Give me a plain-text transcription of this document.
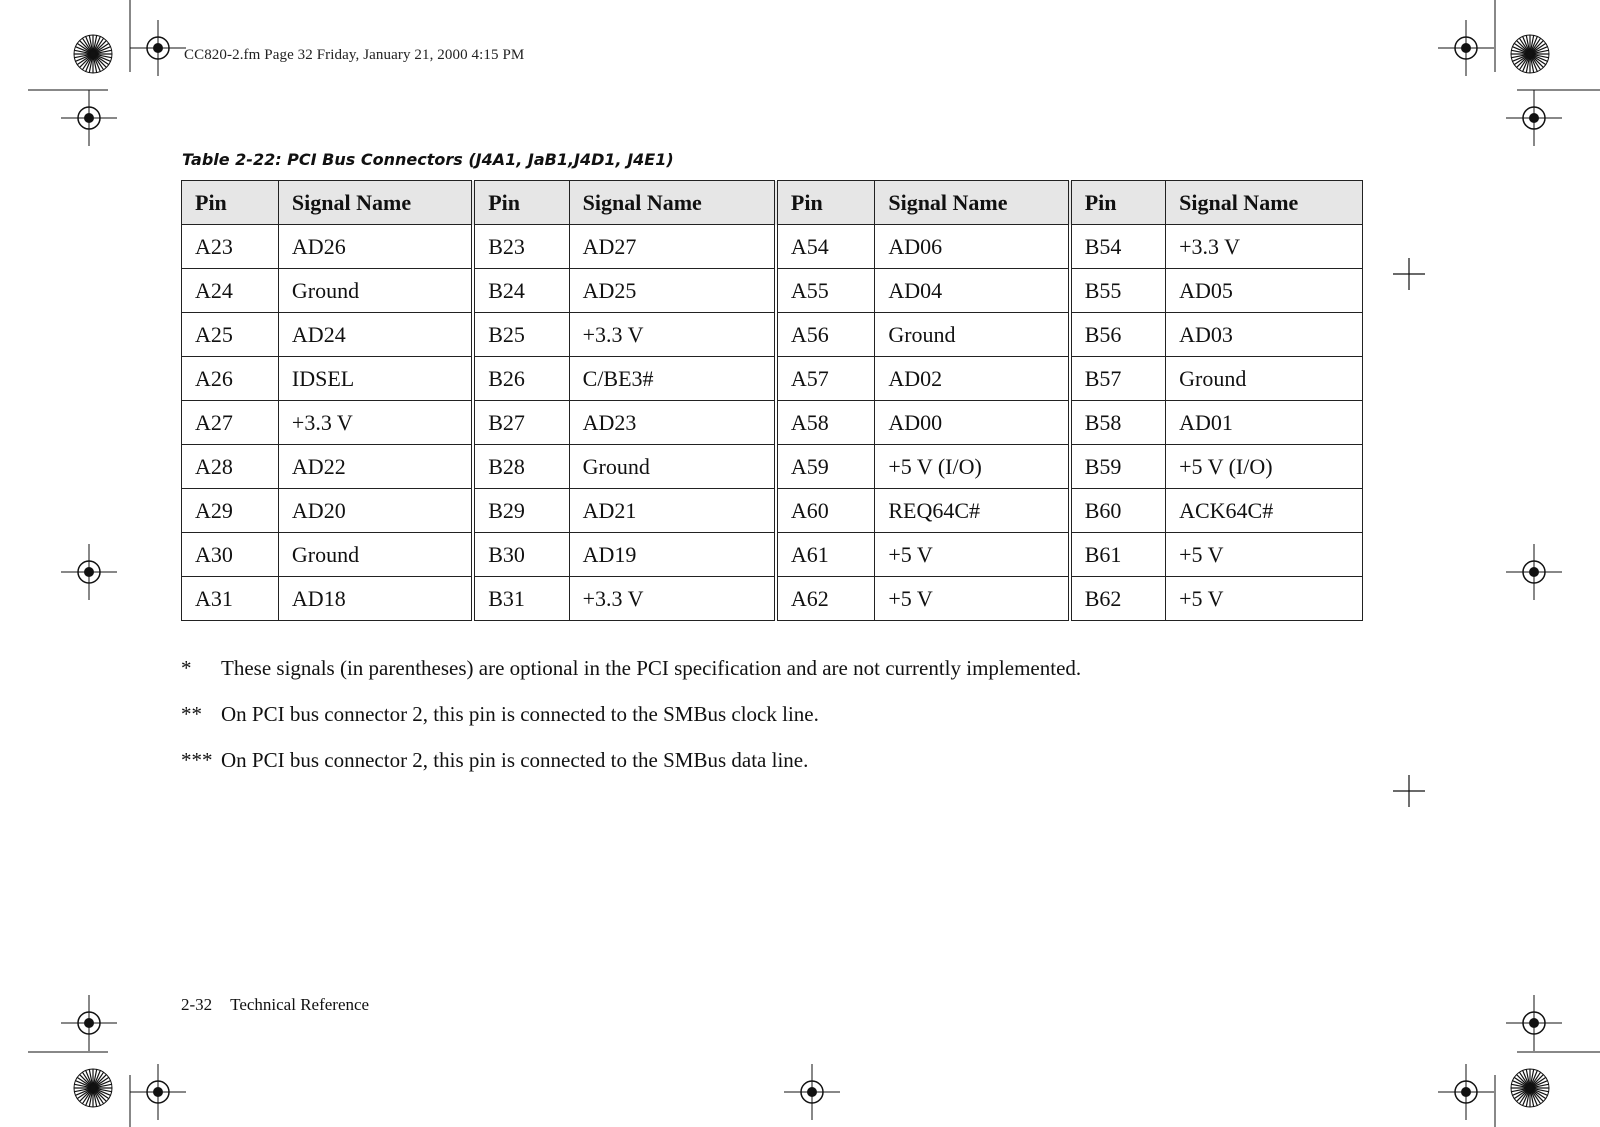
CC820-2.fm Page 32 Friday, January 21, 2000 4:15 PM
Table 2-22: PCI Bus Connectors (J4A1, JaB1,J4D1, J4E1)
Pin	Signal Name	Pin	Signal Name	Pin	Signal Name	Pin	Signal Name
A23	AD26	B23	AD27	A54	AD06	B54	+3.3 V
A24	Ground	B24	AD25	A55	AD04	B55	AD05
A25	AD24	B25	+3.3 V	A56	Ground	B56	AD03
A26	IDSEL	B26	C/BE3#	A57	AD02	B57	Ground
A27	+3.3 V	B27	AD23	A58	AD00	B58	AD01
A28	AD22	B28	Ground	A59	+5 V (I/O)	B59	+5 V (I/O)
A29	AD20	B29	AD21	A60	REQ64C#	B60	ACK64C#
A30	Ground	B30	AD19	A61	+5 V	B61	+5 V
A31	AD18	B31	+3.3 V	A62	+5 V	B62	+5 V
*	These signals (in parentheses) are optional in the PCI specification and are not currently implemented.
** On PCI bus connector 2, this pin is connected to the SMBus clock line.
*** On PCI bus connector 2, this pin is connected to the SMBus data line.
2-32 Technical Reference
